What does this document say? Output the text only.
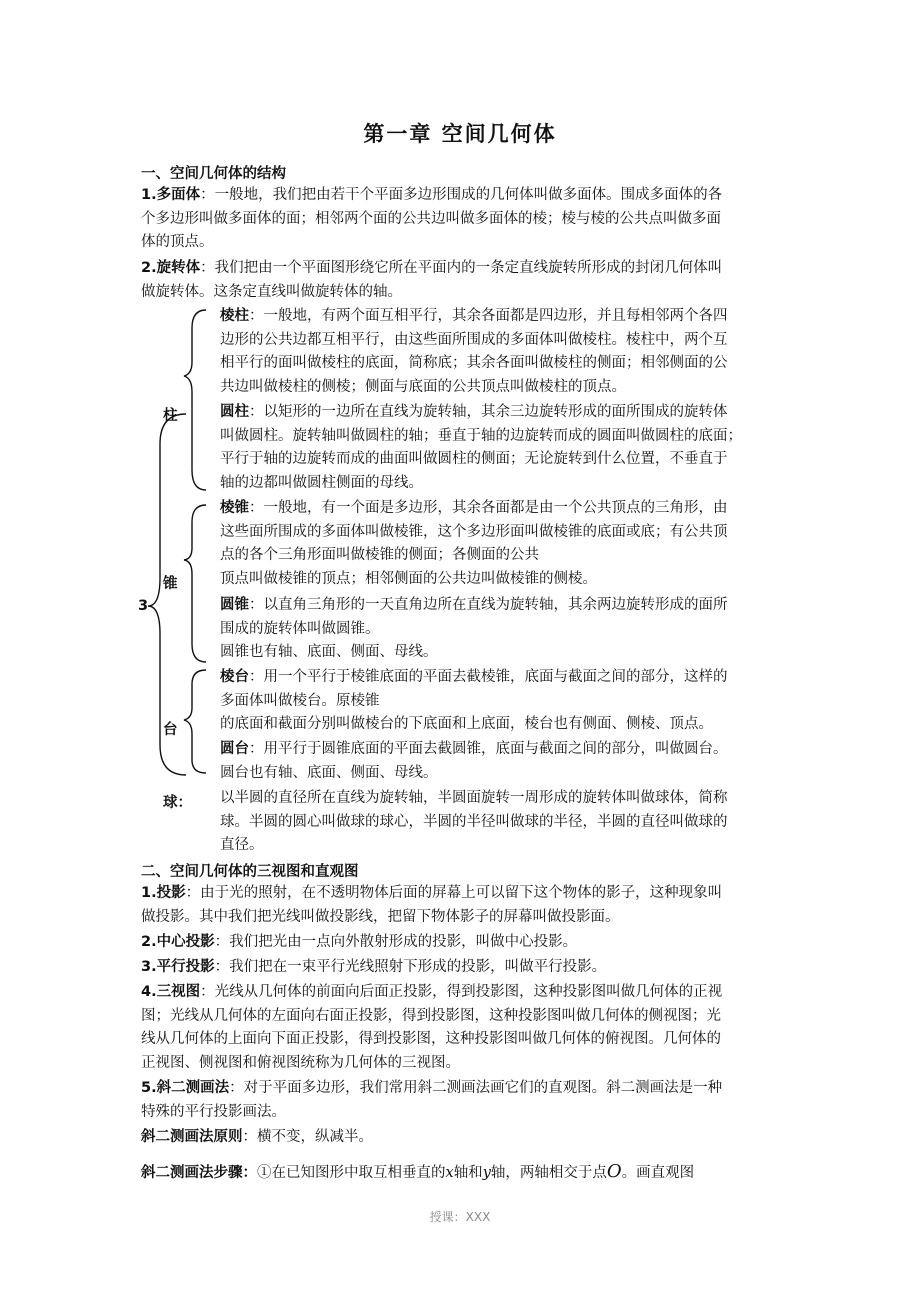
第一章 空间几何体
一、空间几何体的结构
1.多面体：一般地，我们把由若干个平面多边形围成的几何体叫做多面体。围成多面体的各
个多边形叫做多面体的面；相邻两个面的公共边叫做多面体的棱；棱与棱的公共点叫做多面
体的顶点。
2.旋转体：我们把由一个平面图形绕它所在平面内的一条定直线旋转所形成的封闭几何体叫
做旋转体。这条定直线叫做旋转体的轴。
3
柱
锥
台
球：
棱柱：一般地，有两个面互相平行，其余各面都是四边形，并且每相邻两个各四
边形的公共边都互相平行，由这些面所围成的多面体叫做棱柱。棱柱中，两个互
相平行的面叫做棱柱的底面，简称底；其余各面叫做棱柱的侧面；相邻侧面的公
共边叫做棱柱的侧棱；侧面与底面的公共顶点叫做棱柱的顶点。
圆柱：以矩形的一边所在直线为旋转轴，其余三边旋转形成的面所围成的旋转体
叫做圆柱。旋转轴叫做圆柱的轴；垂直于轴的边旋转而成的圆面叫做圆柱的底面；
平行于轴的边旋转而成的曲面叫做圆柱的侧面；无论旋转到什么位置，不垂直于
轴的边都叫做圆柱侧面的母线。
棱锥：一般地，有一个面是多边形，其余各面都是由一个公共顶点的三角形，由
这些面所围成的多面体叫做棱锥，这个多边形面叫做棱锥的底面或底；有公共顶
点的各个三角形面叫做棱锥的侧面；各侧面的公共
顶点叫做棱锥的顶点；相邻侧面的公共边叫做棱锥的侧棱。
圆锥：以直角三角形的一天直角边所在直线为旋转轴，其余两边旋转形成的面所
围成的旋转体叫做圆锥。
圆锥也有轴、底面、侧面、母线。
棱台：用一个平行于棱锥底面的平面去截棱锥，底面与截面之间的部分，这样的
多面体叫做棱台。原棱锥
的底面和截面分别叫做棱台的下底面和上底面，棱台也有侧面、侧棱、顶点。
圆台：用平行于圆锥底面的平面去截圆锥，底面与截面之间的部分，叫做圆台。
圆台也有轴、底面、侧面、母线。
以半圆的直径所在直线为旋转轴，半圆面旋转一周形成的旋转体叫做球体，简称
球。半圆的圆心叫做球的球心，半圆的半径叫做球的半径，半圆的直径叫做球的
直径。
二、空间几何体的三视图和直观图
1.投影：由于光的照射，在不透明物体后面的屏幕上可以留下这个物体的影子，这种现象叫
做投影。其中我们把光线叫做投影线，把留下物体影子的屏幕叫做投影面。
2.中心投影：我们把光由一点向外散射形成的投影，叫做中心投影。
3.平行投影：我们把在一束平行光线照射下形成的投影，叫做平行投影。
4.三视图：光线从几何体的前面向后面正投影，得到投影图，这种投影图叫做几何体的正视
图；光线从几何体的左面向右面正投影，得到投影图，这种投影图叫做几何体的侧视图；光
线从几何体的上面向下面正投影，得到投影图，这种投影图叫做几何体的俯视图。几何体的
正视图、侧视图和俯视图统称为几何体的三视图。
5.斜二测画法：对于平面多边形，我们常用斜二测画法画它们的直观图。斜二测画法是一种
特殊的平行投影画法。
斜二测画法原则：横不变，纵减半。
斜二测画法步骤：①在已知图形中取互相垂直的x轴和y轴，两轴相交于点O。画直观图
授课：XXX
